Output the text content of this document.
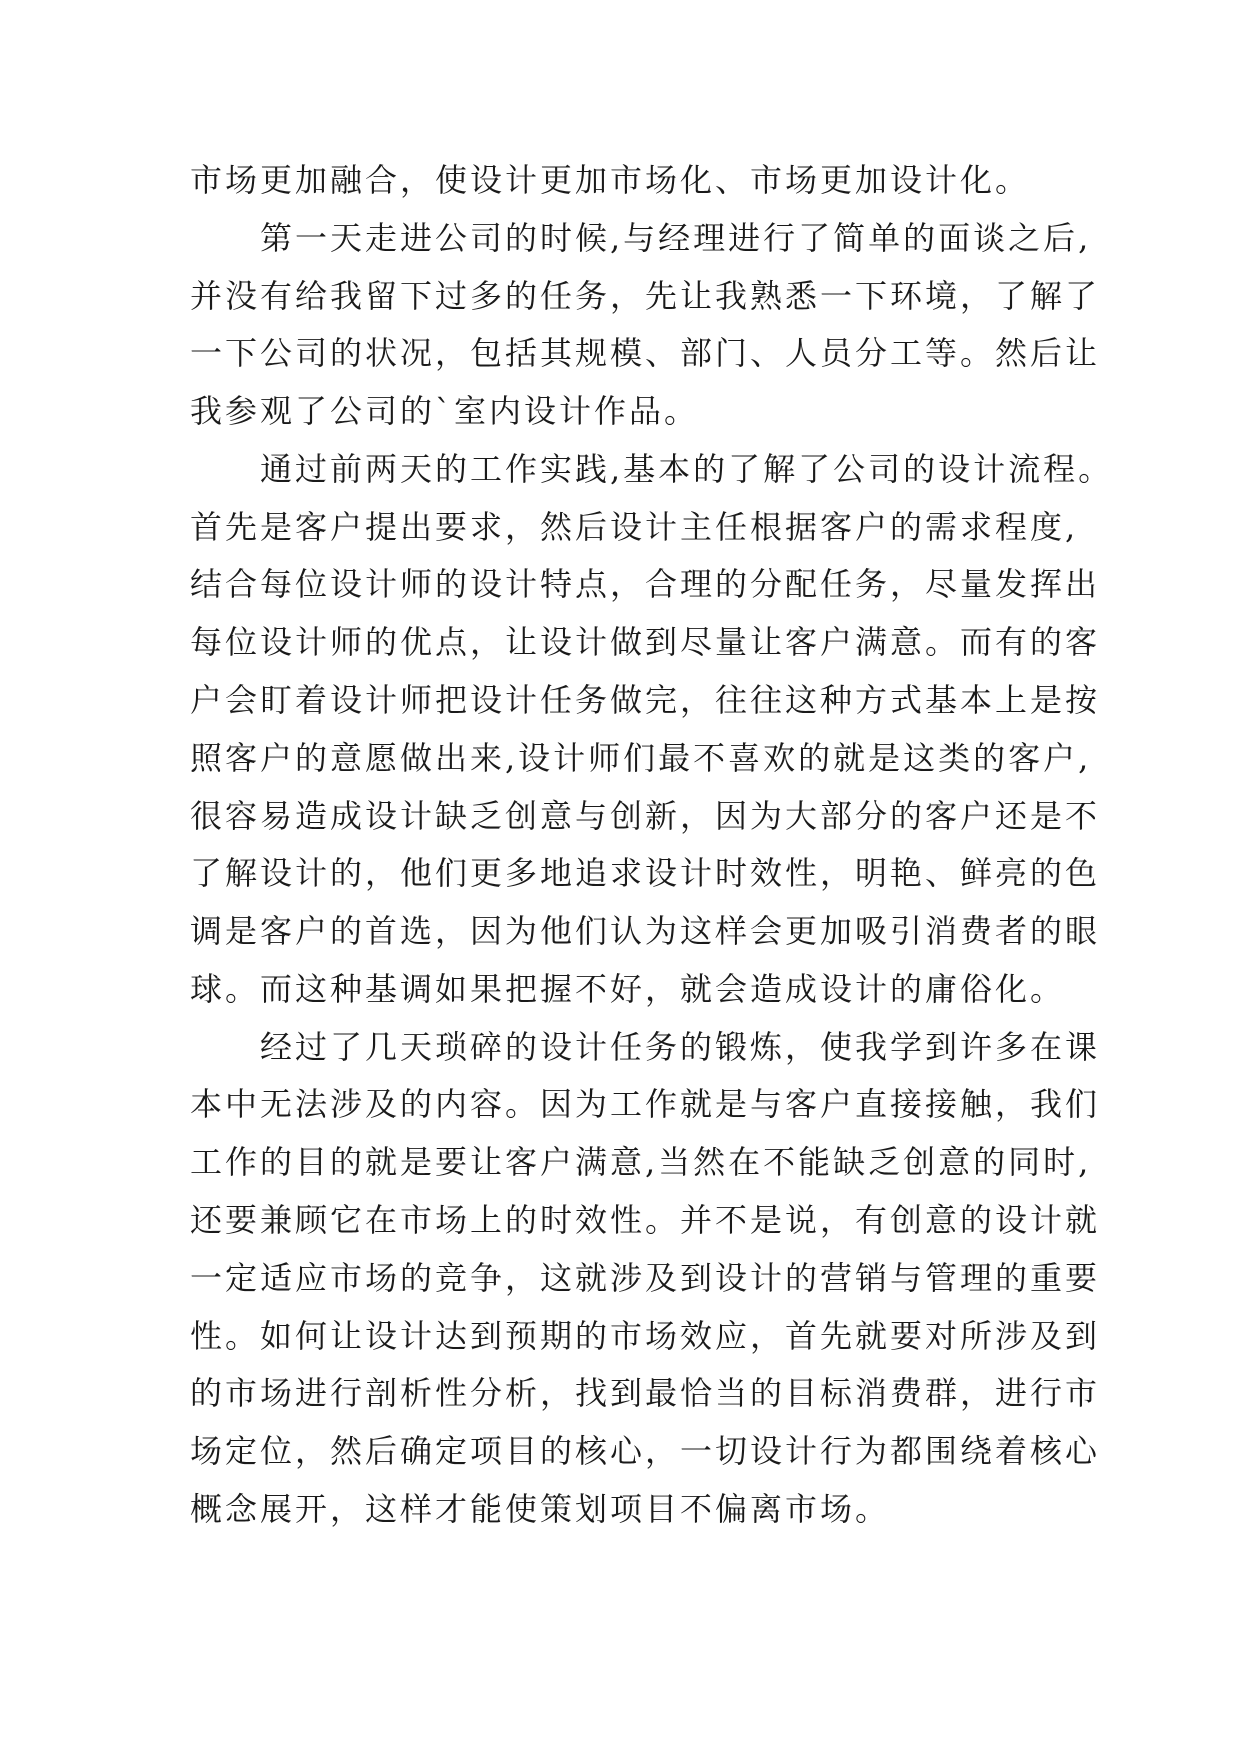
市场更加融合，使设计更加市场化、市场更加设计化。
　　第一天走进公司的时候,与经理进行了简单的面谈之后,
并没有给我留下过多的任务，先让我熟悉一下环境，了解了
一下公司的状况，包括其规模、部门、人员分工等。然后让
我参观了公司的`室内设计作品。
　　通过前两天的工作实践,基本的了解了公司的设计流程。
首先是客户提出要求，然后设计主任根据客户的需求程度,
结合每位设计师的设计特点，合理的分配任务，尽量发挥出
每位设计师的优点，让设计做到尽量让客户满意。而有的客
户会盯着设计师把设计任务做完，往往这种方式基本上是按
照客户的意愿做出来,设计师们最不喜欢的就是这类的客户,
很容易造成设计缺乏创意与创新，因为大部分的客户还是不
了解设计的，他们更多地追求设计时效性，明艳、鲜亮的色
调是客户的首选，因为他们认为这样会更加吸引消费者的眼
球。而这种基调如果把握不好，就会造成设计的庸俗化。
　　经过了几天琐碎的设计任务的锻炼，使我学到许多在课
本中无法涉及的内容。因为工作就是与客户直接接触，我们
工作的目的就是要让客户满意,当然在不能缺乏创意的同时,
还要兼顾它在市场上的时效性。并不是说，有创意的设计就
一定适应市场的竞争，这就涉及到设计的营销与管理的重要
性。如何让设计达到预期的市场效应，首先就要对所涉及到
的市场进行剖析性分析，找到最恰当的目标消费群，进行市
场定位，然后确定项目的核心，一切设计行为都围绕着核心
概念展开，这样才能使策划项目不偏离市场。
